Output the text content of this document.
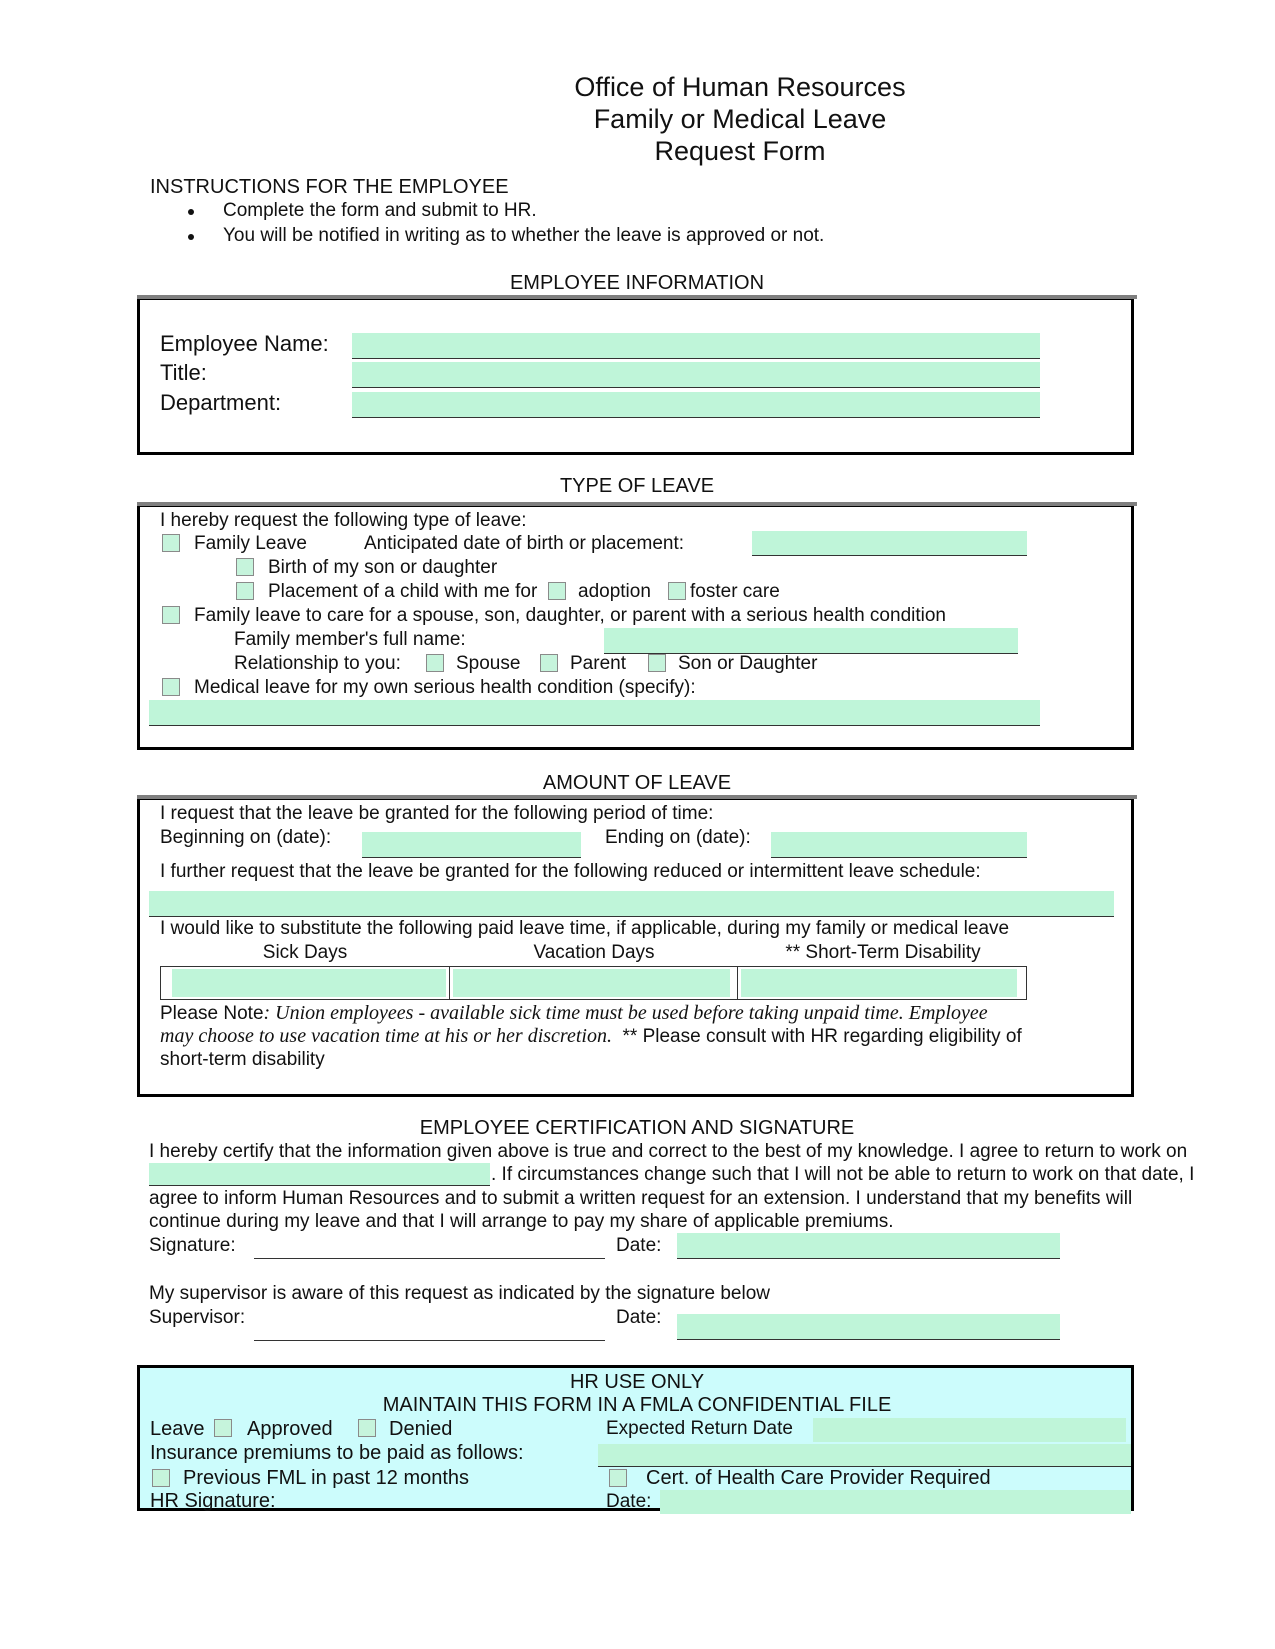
Office of Human Resources
Family or Medical Leave
Request Form
INSTRUCTIONS FOR THE EMPLOYEE
Complete the form and submit to HR.
You will be notified in writing as to whether the leave is approved or not.
EMPLOYEE INFORMATION
Employee Name:
Title:
Department:
TYPE OF LEAVE
I hereby request the following type of leave:
Family Leave	Anticipated date of birth or placement:
Birth of my son or daughter
Placement of a child with me for adoption foster care
Family leave to care for a spouse, son, daughter, or parent with a serious health condition
Family member's full name:
Relationship to you:	Spouse	Parent	Son or Daughter
Medical leave for my own serious health condition (specify):
AMOUNT OF LEAVE
I request that the leave be granted for the following period of time:
Beginning on (date):	Ending on (date):
I further request that the leave be granted for the following reduced or intermittent leave schedule:
I would like to substitute the following paid leave time, if applicable, during my family or medical leave
Sick Days	Vacation Days	** Short-Term Disability
Please Note: Union employees - available sick time must be used before taking unpaid time. Employee
may choose to use vacation time at his or her discretion. ** Please consult with HR regarding eligibility of
short-term disability
EMPLOYEE CERTIFICATION AND SIGNATURE
I hereby certify that the information given above is true and correct to the best of my knowledge. I agree to return to work on
. If circumstances change such that I will not be able to return to work on that date, I
agree to inform Human Resources and to submit a written request for an extension. I understand that my benefits will
continue during my leave and that I will arrange to pay my share of applicable premiums.
Signature:	Date:
My supervisor is aware of this request as indicated by the signature below
Supervisor:	Date:
HR USE ONLY
MAINTAIN THIS FORM IN A FMLA CONFIDENTIAL FILE
Leave Approved	Denied	Expected Return Date
Insurance premiums to be paid as follows:
Previous FML in past 12 months	Cert. of Health Care Provider Required
HR Signature:	Date:
